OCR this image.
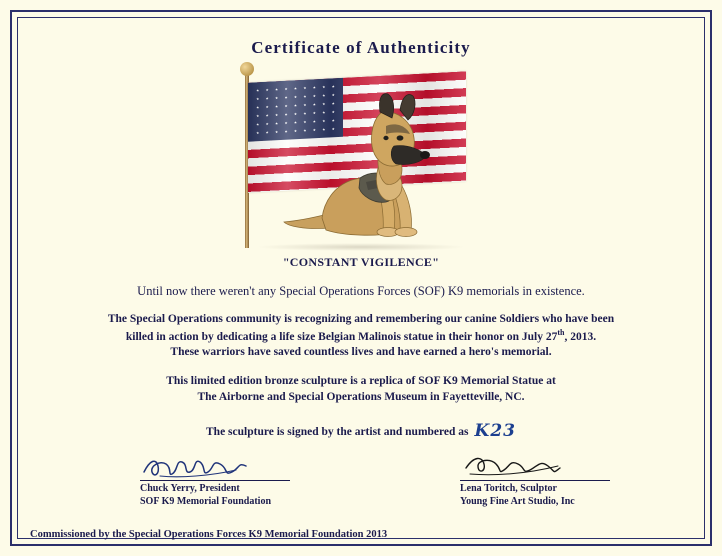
Certificate of Authenticity
"CONSTANT VIGILENCE"
Until now there weren't any Special Operations Forces (SOF) K9 memorials in existence.
The Special Operations community is recognizing and remembering our canine Soldiers who have been
killed in action by dedicating a life size Belgian Malinois statue in their honor on July 27th, 2013.
These warriors have saved countless lives and have earned a hero's memorial.
This limited edition bronze sculpture is a replica of SOF K9 Memorial Statue at
The Airborne and Special Operations Museum in Fayetteville, NC.
The sculpture is signed by the artist and numbered as K23
Chuck Yerry, President
SOF K9 Memorial Foundation
Lena Toritch, Sculptor
Young Fine Art Studio, Inc
Commissioned by the Special Operations Forces K9 Memorial Foundation 2013
